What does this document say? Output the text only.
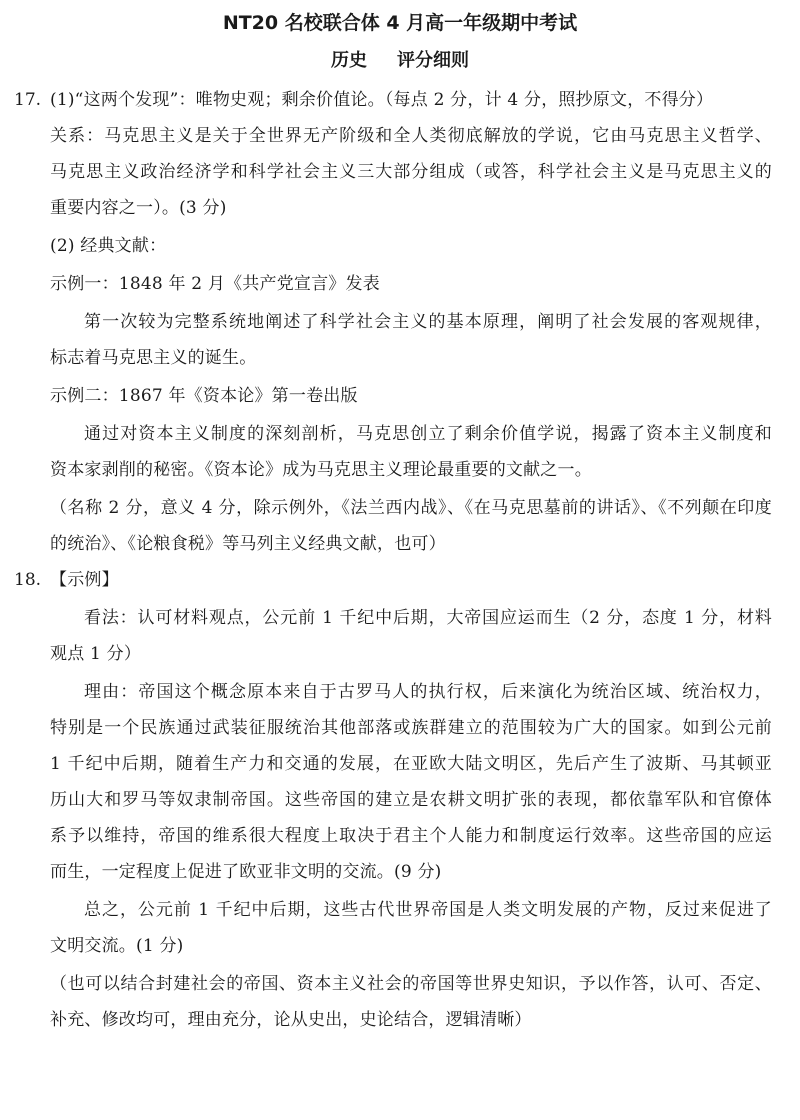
NT20 名校联合体 4 月高一年级期中考试
历史 评分细则
17. (1)“这两个发现”：唯物史观；剩余价值论。（每点 2 分，计 4 分，照抄原文，不得分）
关系：马克思主义是关于全世界无产阶级和全人类彻底解放的学说，它由马克思主义哲学、
马克思主义政治经济学和科学社会主义三大部分组成（或答，科学社会主义是马克思主义的
重要内容之一）。(3 分)
(2) 经典文献：
示例一：1848 年 2 月《共产党宣言》发表
第一次较为完整系统地阐述了科学社会主义的基本原理，阐明了社会发展的客观规律，
标志着马克思主义的诞生。
示例二：1867 年《资本论》第一卷出版
通过对资本主义制度的深刻剖析，马克思创立了剩余价值学说，揭露了资本主义制度和
资本家剥削的秘密。《资本论》成为马克思主义理论最重要的文献之一。
（名称 2 分，意义 4 分，除示例外，《法兰西内战》、《在马克思墓前的讲话》、《不列颠在印度
的统治》、《论粮食税》等马列主义经典文献，也可）
18. 【示例】
看法：认可材料观点，公元前 1 千纪中后期，大帝国应运而生（2 分，态度 1 分，材料
观点 1 分）
理由：帝国这个概念原本来自于古罗马人的执行权，后来演化为统治区域、统治权力，
特别是一个民族通过武装征服统治其他部落或族群建立的范围较为广大的国家。如到公元前
1 千纪中后期，随着生产力和交通的发展，在亚欧大陆文明区，先后产生了波斯、马其顿亚
历山大和罗马等奴隶制帝国。这些帝国的建立是农耕文明扩张的表现，都依靠军队和官僚体
系予以维持，帝国的维系很大程度上取决于君主个人能力和制度运行效率。这些帝国的应运
而生，一定程度上促进了欧亚非文明的交流。(9 分)
总之，公元前 1 千纪中后期，这些古代世界帝国是人类文明发展的产物，反过来促进了
文明交流。(1 分)
（也可以结合封建社会的帝国、资本主义社会的帝国等世界史知识，予以作答，认可、否定、
补充、修改均可，理由充分，论从史出，史论结合，逻辑清晰）
